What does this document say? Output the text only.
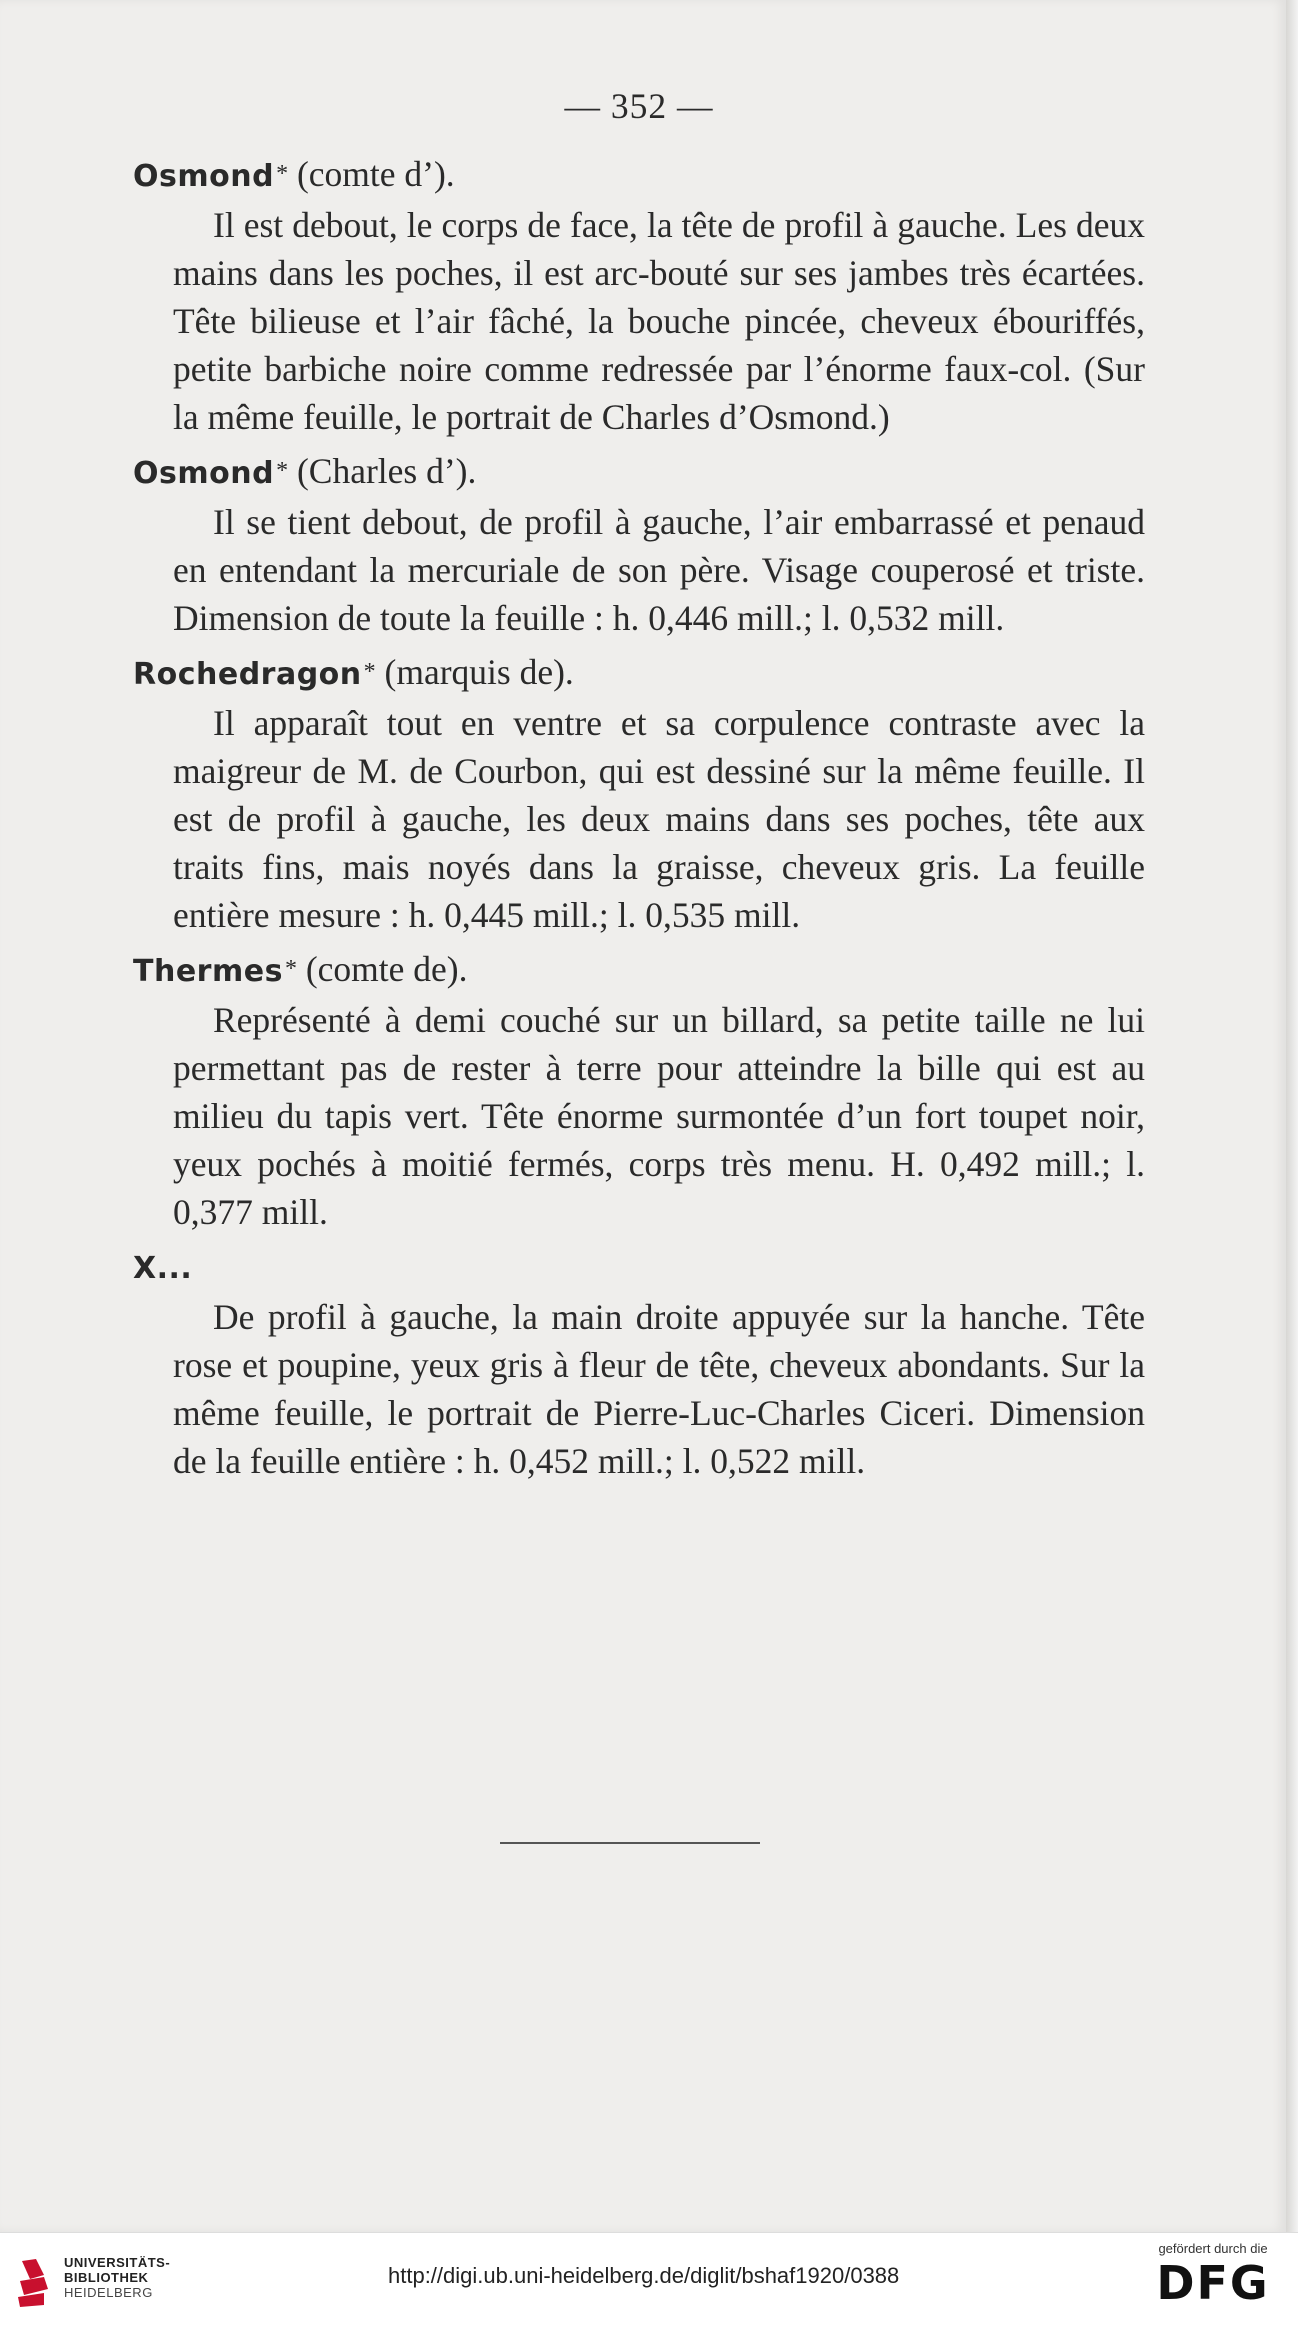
— 352 —

Osmond* (comte d’).

Il est debout, le corps de face, la tête de profil à gauche. Les deux mains dans les poches, il est arc-bouté sur ses jambes très écartées. Tête bilieuse et l’air fâché, la bouche pincée, cheveux ébouriffés, petite barbiche noire comme redressée par l’énorme faux-col. (Sur la même feuille, le portrait de Charles d’Osmond.)

Osmond* (Charles d’).

Il se tient debout, de profil à gauche, l’air embarrassé et penaud en entendant la mercuriale de son père. Visage couperosé et triste. Dimension de toute la feuille : h. 0,446 mill.; l. 0,532 mill.

Rochedragon* (marquis de).

Il apparaît tout en ventre et sa corpulence contraste avec la maigreur de M. de Courbon, qui est dessiné sur la même feuille. Il est de profil à gauche, les deux mains dans ses poches, tête aux traits fins, mais noyés dans la graisse, cheveux gris. La feuille entière mesure : h. 0,445 mill.; l. 0,535 mill.

Thermes* (comte de).

Représenté à demi couché sur un billard, sa petite taille ne lui permettant pas de rester à terre pour atteindre la bille qui est au milieu du tapis vert. Tête énorme surmontée d’un fort toupet noir, yeux pochés à moitié fermés, corps très menu. H. 0,492 mill.; l. 0,377 mill.

X...

De profil à gauche, la main droite appuyée sur la hanche. Tête rose et poupine, yeux gris à fleur de tête, cheveux abondants. Sur la même feuille, le portrait de Pierre-Luc-Charles Ciceri. Dimension de la feuille entière : h. 0,452 mill.; l. 0,522 mill.

UNIVERSITÄTS-
BIBLIOTHEK
HEIDELBERG
http://digi.ub.uni-heidelberg.de/diglit/bshaf1920/0388
gefördert durch die
DFG
